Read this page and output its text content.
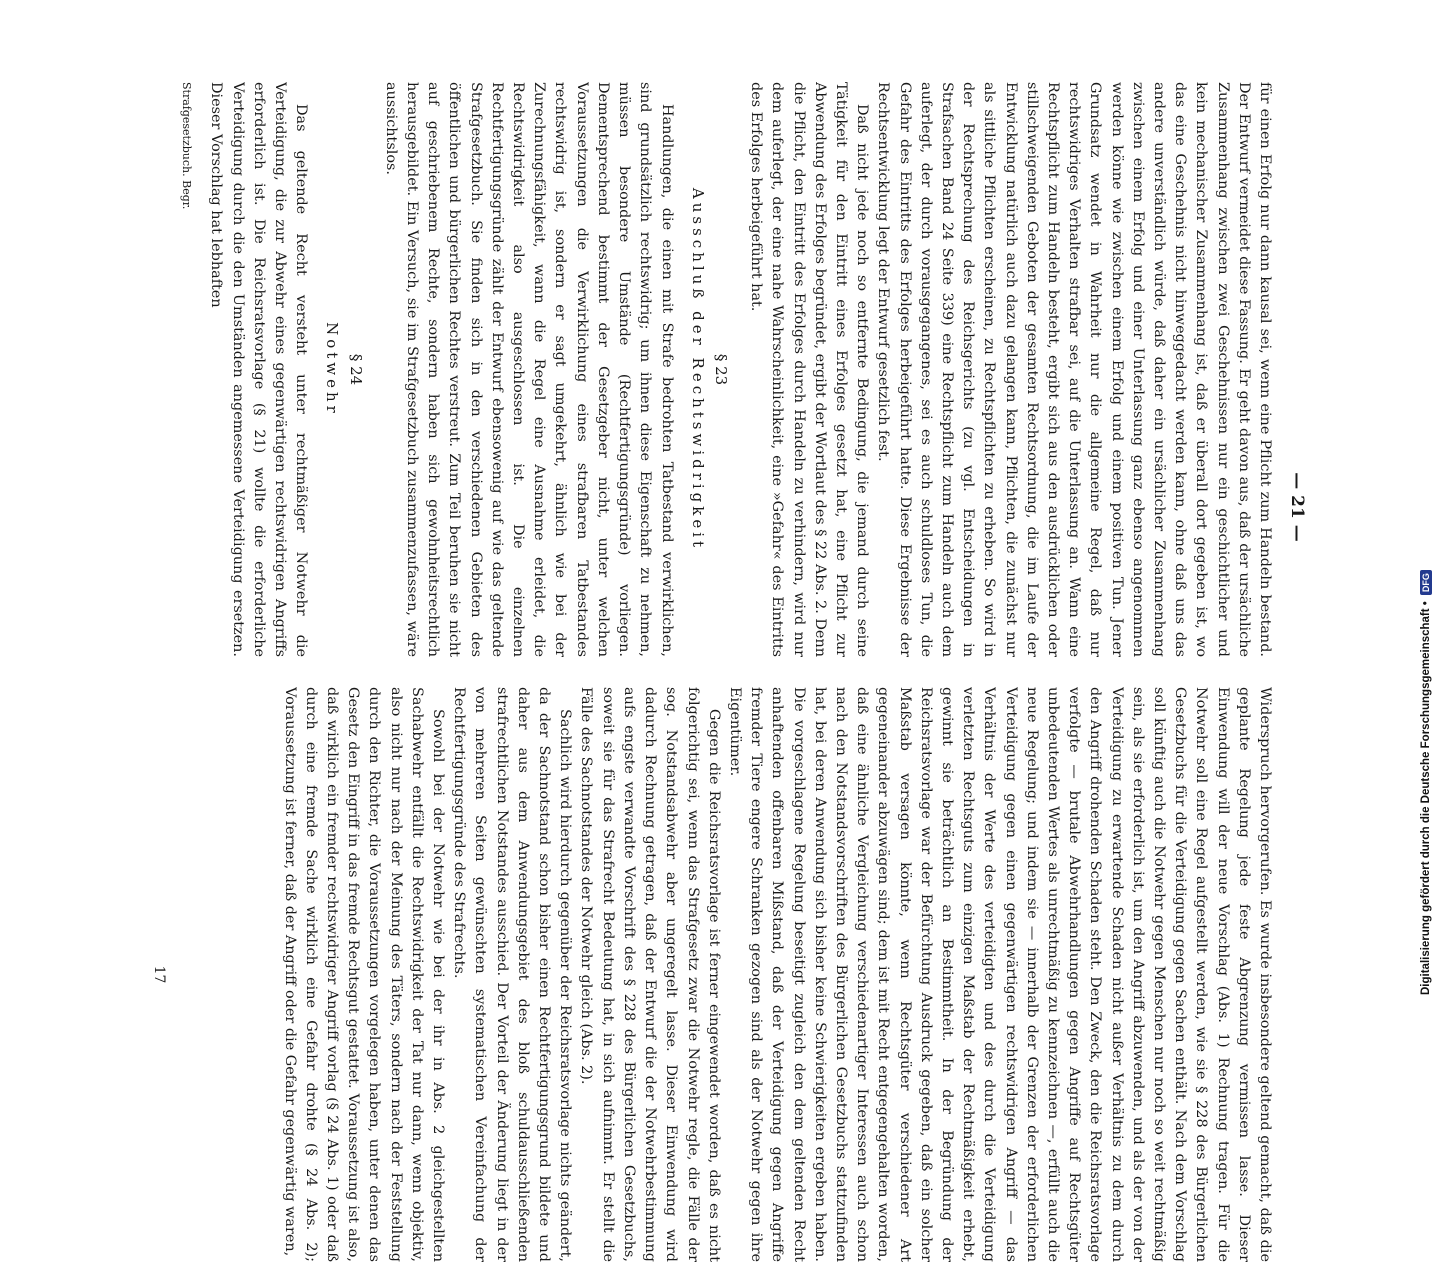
— 21 —

für einen Erfolg nur dann kausal sei, wenn eine Pflicht zum Handeln bestand. Der Entwurf vermeidet diese Fassung. Er geht davon aus, daß der ursächliche Zusammenhang zwischen zwei Geschehnissen nur ein geschichtlicher und kein mechanischer Zusammenhang ist, daß er überall dort gegeben ist, wo das eine Geschehnis nicht hinweggedacht werden kann, ohne daß uns das andere unverständlich würde, daß daher ein ursächlicher Zusammenhang zwischen einem Erfolg und einer Unterlassung ganz ebenso angenommen werden könne wie zwischen einem Erfolg und einem positiven Tun. Jener Grundsatz wendet in Wahrheit nur die allgemeine Regel, daß nur rechtswidriges Verhalten strafbar sei, auf die Unterlassung an. Wann eine Rechtspflicht zum Handeln besteht, ergibt sich aus den ausdrücklichen oder stillschweigenden Geboten der gesamten Rechtsordnung, die im Laufe der Entwicklung natürlich auch dazu gelangen kann, Pflichten, die zunächst nur als sittliche Pflichten erscheinen, zu Rechtspflichten zu erheben. So wird in der Rechtsprechung des Reichsgerichts (zu vgl. Entscheidungen in Strafsachen Band 24 Seite 339) eine Rechtspflicht zum Handeln auch dem auferlegt, der durch vorausgegangenes, sei es auch schuldloses Tun, die Gefahr des Eintritts des Erfolges herbeigeführt hatte. Diese Ergebnisse der Rechtsentwicklung legt der Entwurf gesetzlich fest.

Daß nicht jede noch so entfernte Bedingung, die jemand durch seine Tätigkeit für den Eintritt eines Erfolges gesetzt hat, eine Pflicht zur Abwendung des Erfolges begründet, ergibt der Wortlaut des § 22 Abs. 2. Denn die Pflicht, den Eintritt des Erfolges durch Handeln zu verhindern, wird nur dem auferlegt, der eine nahe Wahrscheinlichkeit, eine »Gefahr« des Eintritts des Erfolges herbeigeführt hat.

§ 23
Ausschluß der Rechtswidrigkeit

Handlungen, die einen mit Strafe bedrohten Tatbestand verwirklichen, sind grundsätzlich rechtswidrig; um ihnen diese Eigenschaft zu nehmen, müssen besondere Umstände (Rechtfertigungsgründe) vorliegen. Dementsprechend bestimmt der Gesetzgeber nicht, unter welchen Voraussetzungen die Verwirklichung eines strafbaren Tatbestandes rechtswidrig ist, sondern er sagt umgekehrt, ähnlich wie bei der Zurechnungsfähigkeit, wann die Regel eine Ausnahme erleidet, die Rechtswidrigkeit also ausgeschlossen ist. Die einzelnen Rechtfertigungsgründe zählt der Entwurf ebensowenig auf wie das geltende Strafgesetzbuch. Sie finden sich in den verschiedenen Gebieten des öffentlichen und bürgerlichen Rechtes verstreut. Zum Teil beruhen sie nicht auf geschriebenem Rechte, sondern haben sich gewohnheitsrechtlich herausgebildet. Ein Versuch, sie im Strafgesetzbuch zusammenzufassen, wäre aussichtslos.

§ 24
Notwehr

Das geltende Recht versteht unter rechtmäßiger Notwehr die Verteidigung, die zur Abwehr eines gegenwärtigen rechtswidrigen Angriffs erforderlich ist. Die Reichsratsvorlage (§ 21) wollte die erforderliche Verteidigung durch die den Umständen angemessene Verteidigung ersetzen. Dieser Vorschlag hat lebhaften

Strafgesetzbuch. Begr.

Widerspruch hervorgerufen. Es wurde insbesondere geltend gemacht, daß die geplante Regelung jede feste Abgrenzung vermissen lasse. Dieser Einwendung will der neue Vorschlag (Abs. 1) Rechnung tragen. Für die Notwehr soll eine Regel aufgestellt werden, wie sie § 228 des Bürgerlichen Gesetzbuchs für die Verteidigung gegen Sachen enthält. Nach dem Vorschlag soll künftig auch die Notwehr gegen Menschen nur noch so weit rechtmäßig sein, als sie erforderlich ist, um den Angriff abzuwenden, und als der von der Verteidigung zu erwartende Schaden nicht außer Verhältnis zu dem durch den Angriff drohenden Schaden steht. Den Zweck, den die Reichsratsvorlage verfolgte — brutale Abwehrhandlungen gegen Angriffe auf Rechtsgüter unbedeutenden Wertes als unrechtmäßig zu kennzeichnen —, erfüllt auch die neue Regelung; und indem sie — innerhalb der Grenzen der erforderlichen Verteidigung gegen einen gegenwärtigen rechtswidrigen Angriff — das Verhältnis der Werte des verteidigten und des durch die Verteidigung verletzten Rechtsguts zum einzigen Maßstab der Rechtmäßigkeit erhebt, gewinnt sie beträchtlich an Bestimmtheit. In der Begründung der Reichsratsvorlage war der Befürchtung Ausdruck gegeben, daß ein solcher Maßstab versagen könnte, wenn Rechtsgüter verschiedener Art gegeneinander abzuwägen sind; dem ist mit Recht entgegengehalten worden, daß eine ähnliche Vergleichung verschiedenartiger Interessen auch schon nach den Notstandsvorschriften des Bürgerlichen Gesetzbuchs stattzufinden hat, bei deren Anwendung sich bisher keine Schwierigkeiten ergeben haben. Die vorgeschlagene Regelung beseitigt zugleich den dem geltenden Recht anhaftenden offenbaren Mißstand, daß der Verteidigung gegen Angriffe fremder Tiere engere Schranken gezogen sind als der Notwehr gegen ihre Eigentümer.

Gegen die Reichsratsvorlage ist ferner eingewendet worden, daß es nicht folgerichtig sei, wenn das Strafgesetz zwar die Notwehr regle, die Fälle der sog. Notstandsabwehr aber ungeregelt lasse. Dieser Einwendung wird dadurch Rechnung getragen, daß der Entwurf die der Notwehrbestimmung aufs engste verwandte Vorschrift des § 228 des Bürgerlichen Gesetzbuchs, soweit sie für das Strafrecht Bedeutung hat, in sich aufnimmt. Er stellt die Fälle des Sachnotstandes der Notwehr gleich (Abs. 2).

Sachlich wird hierdurch gegenüber der Reichsratsvorlage nichts geändert, da der Sachnotstand schon bisher einen Rechtfertigungsgrund bildete und daher aus dem Anwendungsgebiet des bloß schuldausschließenden strafrechtlichen Notstandes ausschied. Der Vorteil der Änderung liegt in der von mehreren Seiten gewünschten systematischen Vereinfachung der Rechtfertigungsgründe des Strafrechts.

Sowohl bei der Notwehr wie bei der ihr in Abs. 2 gleichgestellten Sachabwehr entfällt die Rechtswidrigkeit der Tat nur dann, wenn objektiv, also nicht nur nach der Meinung des Täters, sondern nach der Feststellung durch den Richter, die Voraussetzungen vorgelegen haben, unter denen das Gesetz den Eingriff in das fremde Rechtsgut gestattet. Voraussetzung ist also, daß wirklich ein fremder rechtswidriger Angriff vorlag (§ 24 Abs. 1) oder daß durch eine fremde Sache wirklich eine Gefahr drohte (§ 24 Abs. 2); Voraussetzung ist ferner, daß der Angriff oder die Gefahr gegenwärtig waren,

17	Digitalisierung gefördert durch die Deutsche Forschungsgemeinschaft •
DFG
